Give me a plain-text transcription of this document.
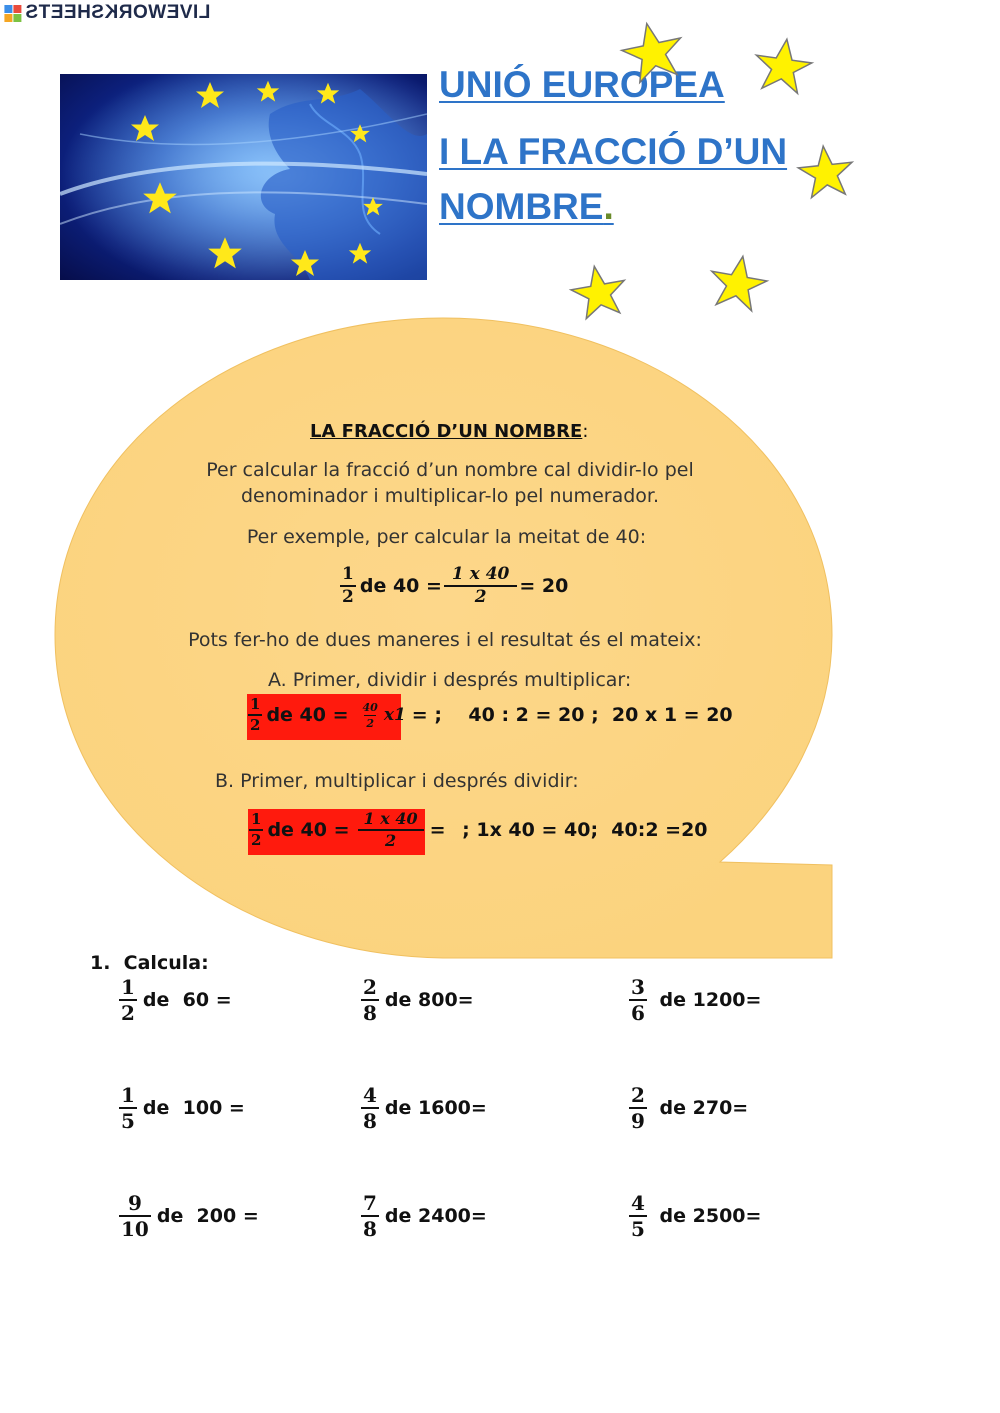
LIVEWORKSHEETS
UNIÓ EUROPEA
I LA FRACCIÓ D’UN
NOMBRE.
LA FRACCIÓ D’UN NOMBRE:
Per calcular la fracció d’un nombre cal dividir-lo pel
denominador i multiplicar-lo pel numerador.
Per exemple, per calcular la meitat de 40:
$\frac{1}{2}$ de $40 = \frac{1 x 40}{2} = 20$
Pots fer-ho de dues maneres i el resultat és el mateix:
A. Primer, dividir i després multiplicar:
$\frac{1}{2}$ de $40 = \frac{40}{2} x1$ = ;    40 : 2 = 20 ;  20 x 1 = 20
B. Primer, multiplicar i després dividir:
$\frac{1}{2}$ de $40 = \frac{1 x 40}{2}$ = ; 1x 40 = 40;  40:2 =20
1.  Calcula:
$\frac{1}{2}$ de  60 =	$\frac{2}{8}$ de 800=	$\frac{3}{6}$ de 1200=
$\frac{1}{5}$ de  100 =	$\frac{4}{8}$ de 1600=	$\frac{2}{9}$ de 270=
$\frac{9}{10}$ de  200 =	$\frac{7}{8}$ de 2400=	$\frac{4}{5}$ de 2500=
